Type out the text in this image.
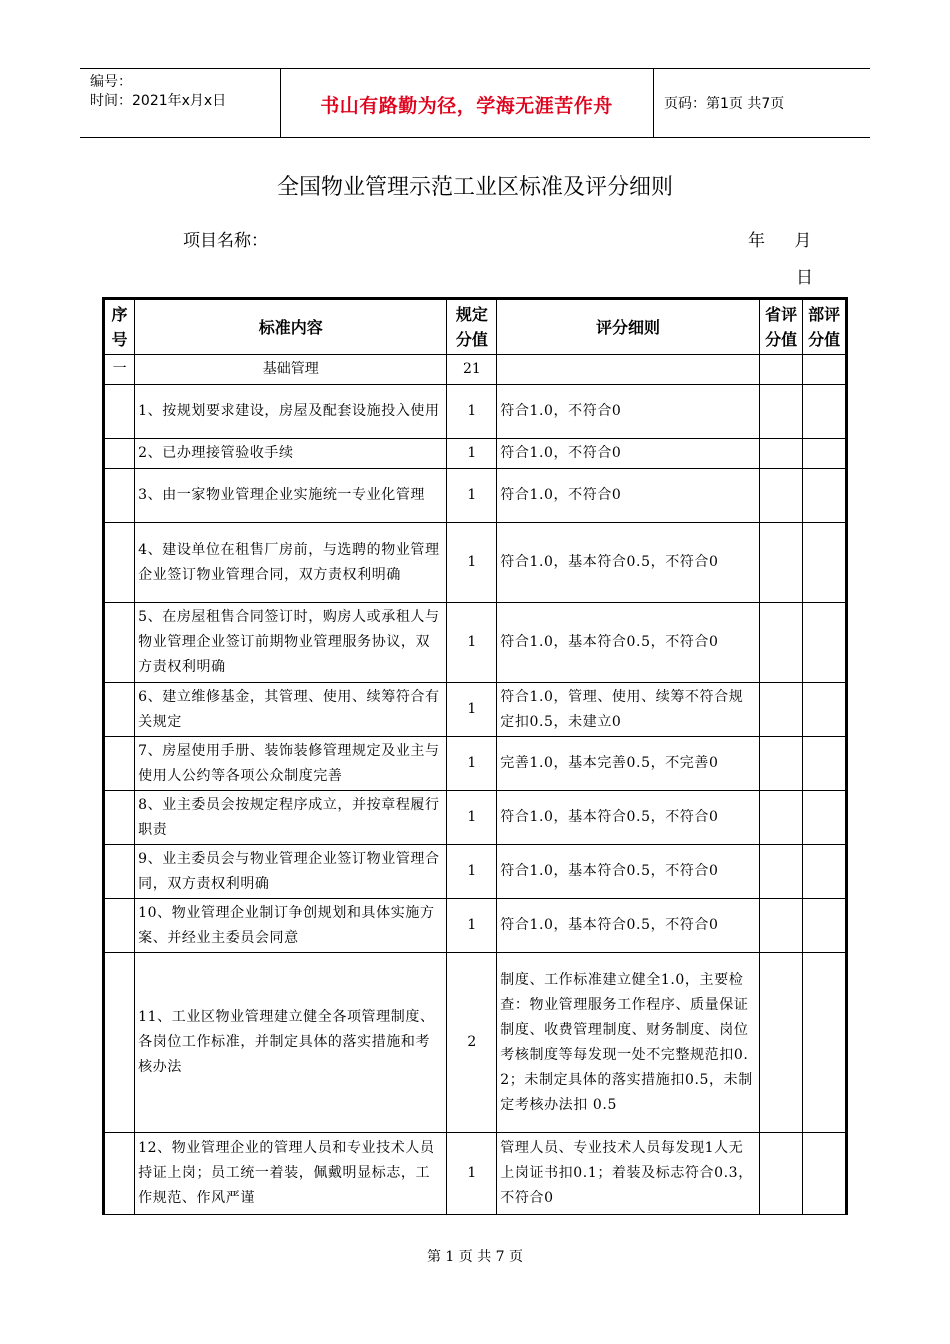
编号：
时间：2021年x月x日	书山有路勤为径，学海无涯苦作舟	页码：第1页 共7页
全国物业管理示范工业区标准及评分细则
项目名称：	年 月
日
序号	标准内容	规定分值	评分细则	省评分值	部评分值
一	基础管理	21			
	1、按规划要求建设，房屋及配套设施投入使用	1	符合1.0，不符合0		
	2、已办理接管验收手续	1	符合1.0，不符合0		
	3、由一家物业管理企业实施统一专业化管理	1	符合1.0，不符合0		
	4、建设单位在租售厂房前，与选聘的物业管理企业签订物业管理合同，双方责权利明确	1	符合1.0，基本符合0.5，不符合0		
	5、在房屋租售合同签订时，购房人或承租人与物业管理企业签订前期物业管理服务协议，双方责权利明确	1	符合1.0，基本符合0.5，不符合0		
	6、建立维修基金，其管理、使用、续筹符合有关规定	1	符合1.0，管理、使用、续筹不符合规定扣0.5，未建立0		
	7、房屋使用手册、装饰装修管理规定及业主与使用人公约等各项公众制度完善	1	完善1.0，基本完善0.5，不完善0		
	8、业主委员会按规定程序成立，并按章程履行职责	1	符合1.0，基本符合0.5，不符合0		
	9、业主委员会与物业管理企业签订物业管理合同，双方责权利明确	1	符合1.0，基本符合0.5，不符合0		
	10、物业管理企业制订争创规划和具体实施方案、并经业主委员会同意	1	符合1.0，基本符合0.5，不符合0		
	11、工业区物业管理建立健全各项管理制度、各岗位工作标准，并制定具体的落实措施和考核办法	2	制度、工作标准建立健全1.0，主要检查：物业管理服务工作程序、质量保证制度、收费管理制度、财务制度、岗位考核制度等每发现一处不完整规范扣0.2；未制定具体的落实措施扣0.5，未制定考核办法扣 0.5		
	12、物业管理企业的管理人员和专业技术人员持证上岗；员工统一着装，佩戴明显标志，工作规范、作风严谨	1	管理人员、专业技术人员每发现1人无上岗证书扣0.1；着装及标志符合0.3，不符合0		
第 1 页 共 7 页
